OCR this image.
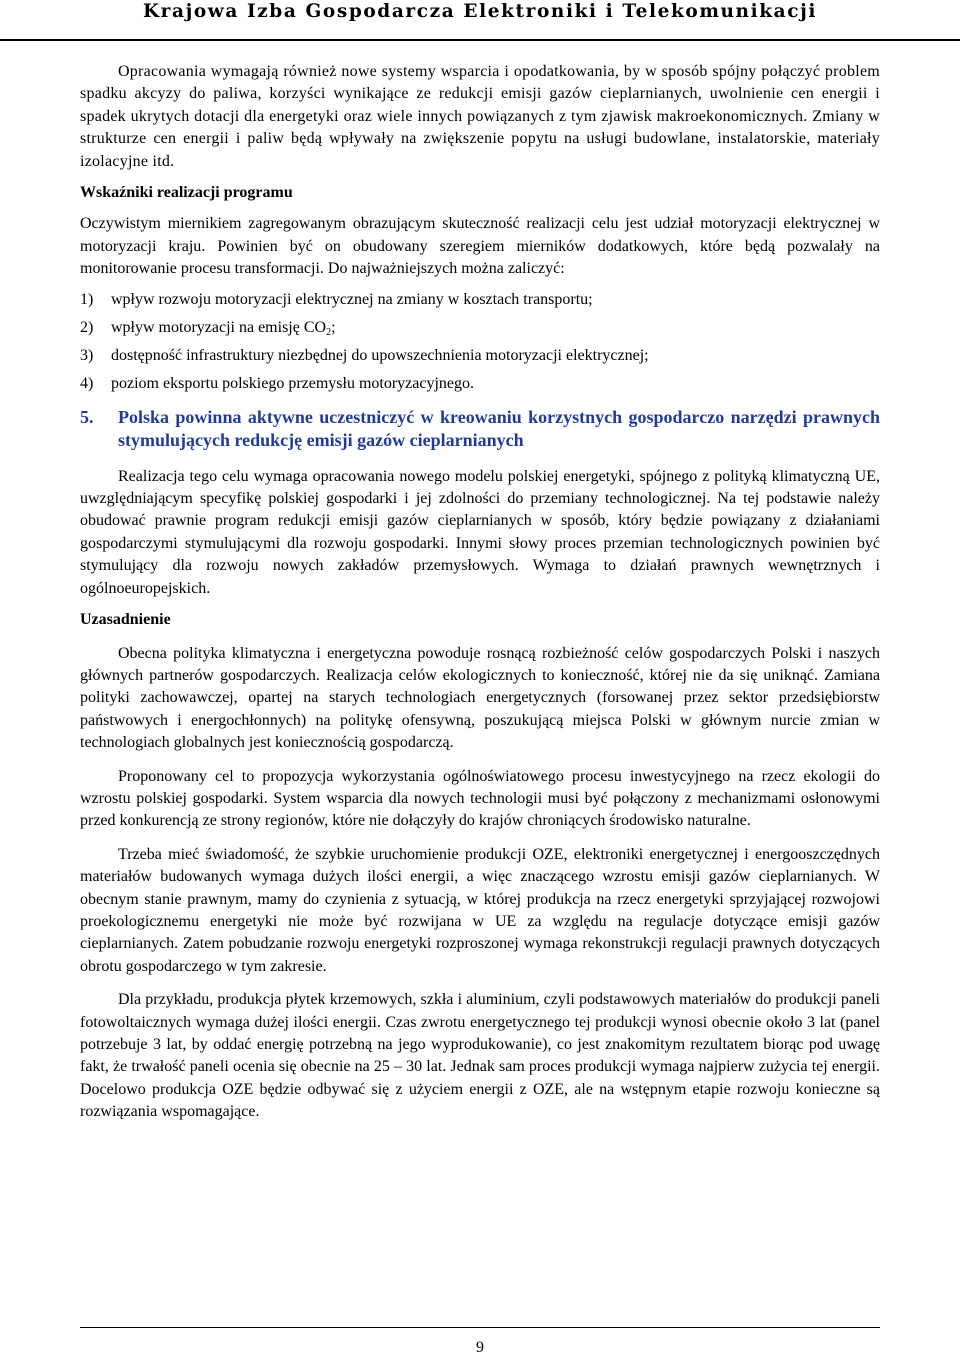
Krajowa Izba Gospodarcza Elektroniki i Telekomunikacji

Opracowania wymagają również nowe systemy wsparcia i opodatkowania, by w sposób spójny połączyć problem spadku akcyzy do paliwa, korzyści wynikające ze redukcji emisji gazów cieplarnianych, uwolnienie cen energii i spadek ukrytych dotacji dla energetyki oraz wiele innych powiązanych z tym zjawisk makroekonomicznych. Zmiany w strukturze cen energii i paliw będą wpływały na zwiększenie popytu na usługi budowlane, instalatorskie, materiały izolacyjne itd.

Wskaźniki realizacji programu

Oczywistym miernikiem zagregowanym obrazującym skuteczność realizacji celu jest udział motoryzacji elektrycznej w motoryzacji kraju. Powinien być on obudowany szeregiem mierników dodatkowych, które będą pozwalały na monitorowanie procesu transformacji. Do najważniejszych można zaliczyć:

1) wpływ rozwoju motoryzacji elektrycznej na zmiany w kosztach transportu;

2) wpływ motoryzacji na emisję $CO_2$;

3) dostępność infrastruktury niezbędnej do upowszechnienia motoryzacji elektrycznej;

4) poziom eksportu polskiego przemysłu motoryzacyjnego.

5. Polska powinna aktywne uczestniczyć w kreowaniu korzystnych gospodarczo narzędzi prawnych stymulujących redukcję emisji gazów cieplarnianych

Realizacja tego celu wymaga opracowania nowego modelu polskiej energetyki, spójnego z polityką klimatyczną UE, uwzględniającym specyfikę polskiej gospodarki i jej zdolności do przemiany technologicznej. Na tej podstawie należy obudować prawnie program redukcji emisji gazów cieplarnianych w sposób, który będzie powiązany z działaniami gospodarczymi stymulującymi dla rozwoju gospodarki. Innymi słowy proces przemian technologicznych powinien być stymulujący dla rozwoju nowych zakładów przemysłowych. Wymaga to działań prawnych wewnętrznych i ogólnoeuropejskich.

Uzasadnienie

Obecna polityka klimatyczna i energetyczna powoduje rosnącą rozbieżność celów gospodarczych Polski i naszych głównych partnerów gospodarczych. Realizacja celów ekologicznych to konieczność, której nie da się uniknąć. Zamiana polityki zachowawczej, opartej na starych technologiach energetycznych (forsowanej przez sektor przedsiębiorstw państwowych i energochłonnych) na politykę ofensywną, poszukującą miejsca Polski w głównym nurcie zmian w technologiach globalnych jest koniecznością gospodarczą.

Proponowany cel to propozycja wykorzystania ogólnoświatowego procesu inwestycyjnego na rzecz ekologii do wzrostu polskiej gospodarki. System wsparcia dla nowych technologii musi być połączony z mechanizmami osłonowymi przed konkurencją ze strony regionów, które nie dołączyły do krajów chroniących środowisko naturalne.

Trzeba mieć świadomość, że szybkie uruchomienie produkcji OZE, elektroniki energetycznej i energooszczędnych materiałów budowanych wymaga dużych ilości energii, a więc znaczącego wzrostu emisji gazów cieplarnianych. W obecnym stanie prawnym, mamy do czynienia z sytuacją, w której produkcja na rzecz energetyki sprzyjającej rozwojowi proekologicznemu energetyki nie może być rozwijana w UE za względu na regulacje dotyczące emisji gazów cieplarnianych. Zatem pobudzanie rozwoju energetyki rozproszonej wymaga rekonstrukcji regulacji prawnych dotyczących obrotu gospodarczego w tym zakresie.

Dla przykładu, produkcja płytek krzemowych, szkła i aluminium, czyli podstawowych materiałów do produkcji paneli fotowoltaicznych wymaga dużej ilości energii. Czas zwrotu energetycznego tej produkcji wynosi obecnie około 3 lat (panel potrzebuje 3 lat, by oddać energię potrzebną na jego wyprodukowanie), co jest znakomitym rezultatem biorąc pod uwagę fakt, że trwałość paneli ocenia się obecnie na 25 – 30 lat. Jednak sam proces produkcji wymaga najpierw zużycia tej energii. Docelowo produkcja OZE będzie odbywać się z użyciem energii z OZE, ale na wstępnym etapie rozwoju konieczne są rozwiązania wspomagające.

9
